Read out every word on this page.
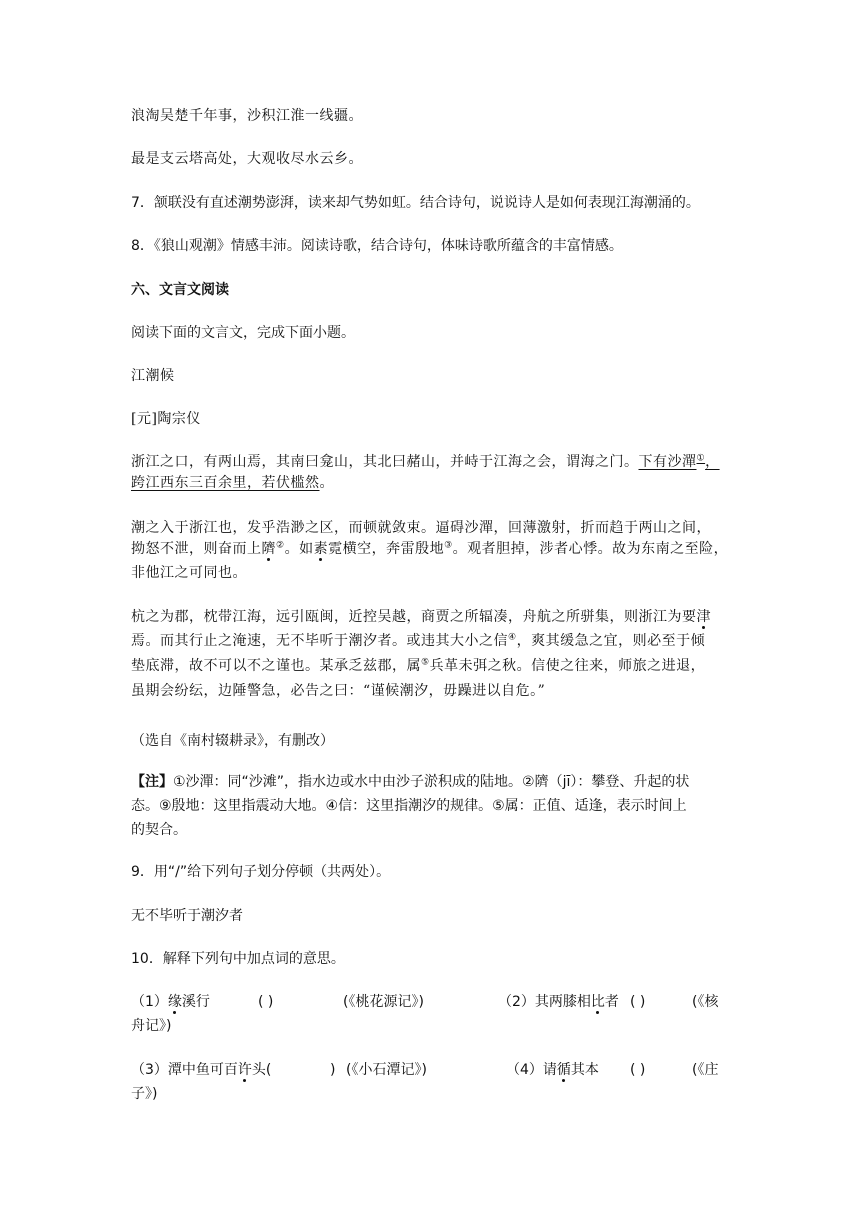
浪淘吴楚千年事，沙积江淮一线疆。
最是支云塔高处，大观收尽水云乡。
7．颔联没有直述潮势澎湃，读来却气势如虹。结合诗句，说说诗人是如何表现江海潮涌的。
8．《狼山观潮》情感丰沛。阅读诗歌，结合诗句，体味诗歌所蕴含的丰富情感。
六、文言文阅读
阅读下面的文言文，完成下面小题。
江潮候
[元]陶宗仪
浙江之口，有两山焉，其南曰龛山，其北曰赭山，并峙于江海之会，谓海之门。下有沙潬①，
跨江西东三百余里，若伏槛然。
潮之入于浙江也，发乎浩渺之区，而顿就敛束。逼碍沙潬，回薄激射，折而趋于两山之间，
拗怒不泄，则奋而上隮②。如素霓横空，奔雷殷地③。观者胆掉，涉者心悸。故为东南之至险，
非他江之可同也。
杭之为郡，枕带江海，远引瓯闽，近控吴越，商贾之所辐凑，舟航之所骈集，则浙江为要津
焉。而其行止之淹速，无不毕听于潮汐者。或违其大小之信④，爽其缓急之宜，则必至于倾
垫底滞，故不可以不之谨也。某承乏兹郡，属⑤兵革未弭之秋。信使之往来，师旅之进退，
虽期会纷纭，边陲警急，必告之曰：“谨候潮汐，毋躁进以自危。”
（选自《南村辍耕录》，有删改）
【注】①沙潬：同“沙滩”，指水边或水中由沙子淤积成的陆地。②隮（jī）：攀登、升起的状
态。⑨殷地：这里指震动大地。④信：这里指潮汐的规律。⑤属：正值、适逢，表示时间上
的契合。
9．用“/”给下列句子划分停顿（共两处）。
无不毕听于潮汐者
10．解释下列句中加点词的意思。
（1）缘溪行	( )	(《桃花源记》)	（2）其两膝相比者 ( )	(《核
舟记》)
（3）潭中鱼可百许头(	) (《小石潭记》)	（4）请循其本 ( )	(《庄
子》)
